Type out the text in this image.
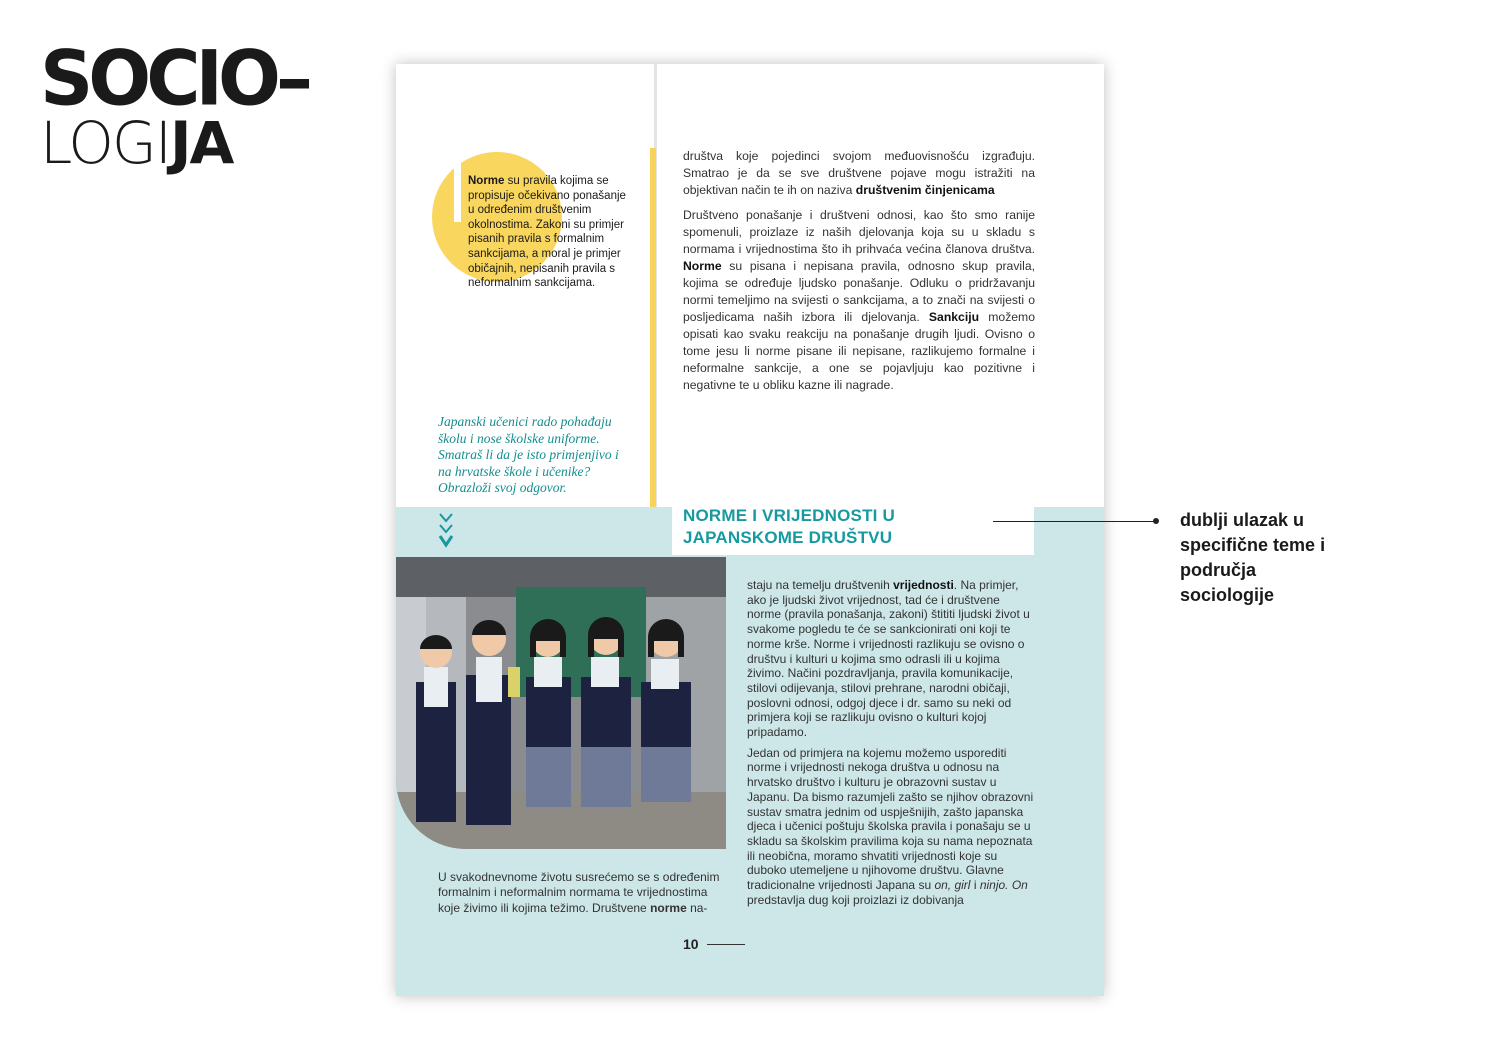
SOCIO–
LOGIJA
Norme su pravila kojima se propisuje očekivano ponašanje u određenim društvenim okolnostima. Zakoni su primjer pisanih pravila s formalnim sankcijama, a moral je primjer običajnih, nepisanih pravila s neformalnim sankcijama.
Japanski učenici rado pohađaju školu i nose školske uniforme. Smatraš li da je isto primjenjivo i na hrvatske škole i učenike? Obrazloži svoj odgovor.

društva koje pojedinci svojom međuovisnošću izgrađuju. Smatrao je da se sve društvene pojave mogu istražiti na objektivan način te ih on naziva društvenim činjenicama

Društveno ponašanje i društveni odnosi, kao što smo ranije spomenuli, proizlaze iz naših djelovanja koja su u skladu s normama i vrijednostima što ih prihvaća većina članova društva. Norme su pisana i nepisana pravila, odnosno skup pravila, kojima se određuje ljudsko ponašanje. Odluku o pridržavanju normi temeljimo na svijesti o sankcijama, a to znači na svijesti o posljedicama naših izbora ili djelovanja. Sankciju možemo opisati kao svaku reakciju na ponašanje drugih ljudi. Ovisno o tome jesu li norme pisane ili nepisane, razlikujemo formalne i neformalne sankcije, a one se pojavljuju kao pozitivne i negativne te u obliku kazne ili nagrade.

NORME I VRIJEDNOSTI U JAPANSKOME DRUŠTVU
U svakodnevnome životu susrećemo se s određenim formalnim i neformalnim normama te vrijednostima koje živimo ili kojima težimo. Društvene norme na-

staju na temelju društvenih vrijednosti. Na primjer, ako je ljudski život vrijednost, tad će i društvene norme (pravila ponašanja, zakoni) štititi ljudski život u svakome pogledu te će se sankcionirati oni koji te norme krše. Norme i vrijednosti razlikuju se ovisno o društvu i kulturi u kojima smo odrasli ili u kojima živimo. Načini pozdravljanja, pravila komunikacije, stilovi odijevanja, stilovi prehrane, narodni običaji, poslovni odnosi, odgoj djece i dr. samo su neki od primjera koji se razlikuju ovisno o kulturi kojoj pripadamo.

Jedan od primjera na kojemu možemo usporediti norme i vrijednosti nekoga društva u odnosu na hrvatsko društvo i kulturu je obrazovni sustav u Japanu. Da bismo razumjeli zašto se njihov obrazovni sustav smatra jednim od uspješnijih, zašto japanska djeca i učenici poštuju školska pravila i ponašaju se u skladu sa školskim pravilima koja su nama nepoznata ili neobična, moramo shvatiti vrijednosti koje su duboko utemeljene u njihovome društvu. Glavne tradicionalne vrijednosti Japana su on, girl i ninjo. On predstavlja dug koji proizlazi iz dobivanja

10
dublji ulazak u specifične teme i područja sociologije
